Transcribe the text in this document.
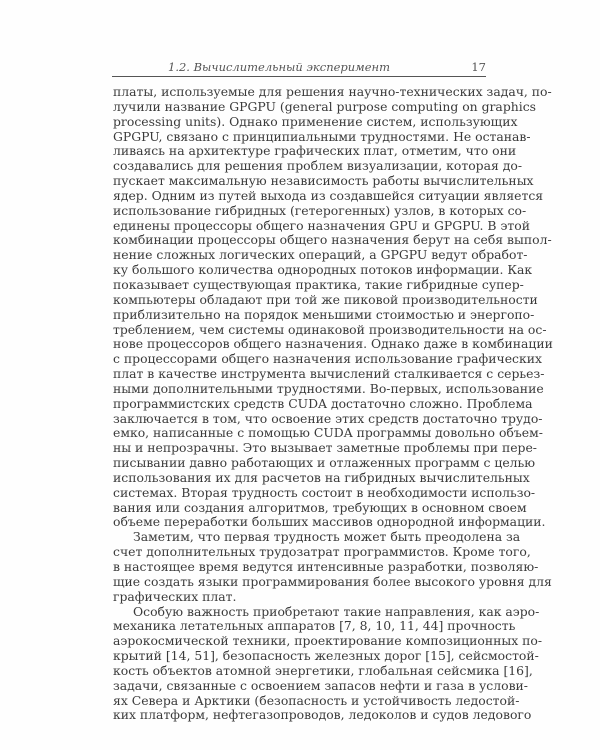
1.2. Вычислительный эксперимент	17
платы, используемые для решения научно-технических задач, по-
лучили название GPGPU (general purpose computing on graphics
processing units). Однако применение систем, использующих
GPGPU, связано с принципиальными трудностями. Не останав-
ливаясь на архитектуре графических плат, отметим, что они
создавались для решения проблем визуализации, которая до-
пускает максимальную независимость работы вычислительных
ядер. Одним из путей выхода из создавшейся ситуации является
использование гибридных (гетерогенных) узлов, в которых со-
единены процессоры общего назначения GPU и GPGPU. В этой
комбинации процессоры общего назначения берут на себя выпол-
нение сложных логических операций, а GPGPU ведут обработ-
ку большого количества однородных потоков информации. Как
показывает существующая практика, такие гибридные супер-
компьютеры обладают при той же пиковой производительности
приблизительно на порядок меньшими стоимостью и энергопо-
треблением, чем системы одинаковой производительности на ос-
нове процессоров общего назначения. Однако даже в комбинации
с процессорами общего назначения использование графических
плат в качестве инструмента вычислений сталкивается с серьез-
ными дополнительными трудностями. Во-первых, использование
программистских средств CUDA достаточно сложно. Проблема
заключается в том, что освоение этих средств достаточно трудо-
емко, написанные с помощью CUDA программы довольно объем-
ны и непрозрачны. Это вызывает заметные проблемы при пере-
писывании давно работающих и отлаженных программ с целью
использования их для расчетов на гибридных вычислительных
системах. Вторая трудность состоит в необходимости использо-
вания или создания алгоритмов, требующих в основном своем
объеме переработки больших массивов однородной информации.
Заметим, что первая трудность может быть преодолена за
счет дополнительных трудозатрат программистов. Кроме того,
в настоящее время ведутся интенсивные разработки, позволяю-
щие создать языки программирования более высокого уровня для
графических плат.
Особую важность приобретают такие направления, как аэро-
механика летательных аппаратов [7, 8, 10, 11, 44] прочность
аэрокосмической техники, проектирование композиционных по-
крытий [14, 51], безопасность железных дорог [15], сейсмостой-
кость объектов атомной энергетики, глобальная сейсмика [16],
задачи, связанные с освоением запасов нефти и газа в услови-
ях Севера и Арктики (безопасность и устойчивость ледостой-
ких платформ, нефтегазопроводов, ледоколов и судов ледового
